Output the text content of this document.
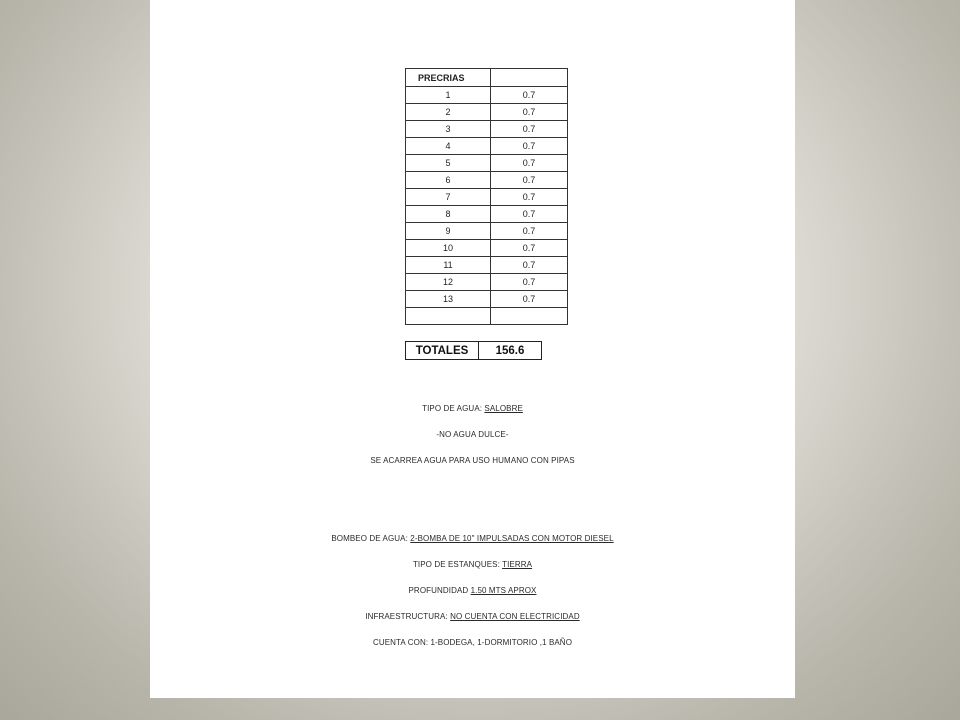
PRECRIAS	
1	0.7
2	0.7
3	0.7
4	0.7
5	0.7
6	0.7
7	0.7
8	0.7
9	0.7
10	0.7
11	0.7
12	0.7
13	0.7

TOTALES	156.6
TIPO DE AGUA: SALOBRE
-NO AGUA DULCE-
SE ACARREA AGUA PARA USO HUMANO CON PIPAS
BOMBEO DE AGUA: 2-BOMBA DE 10" IMPULSADAS CON MOTOR DIESEL
TIPO DE ESTANQUES: TIERRA
PROFUNDIDAD 1.50 MTS APROX
INFRAESTRUCTURA: NO CUENTA CON ELECTRICIDAD
CUENTA CON: 1-BODEGA, 1-DORMITORIO ,1 BAÑO
